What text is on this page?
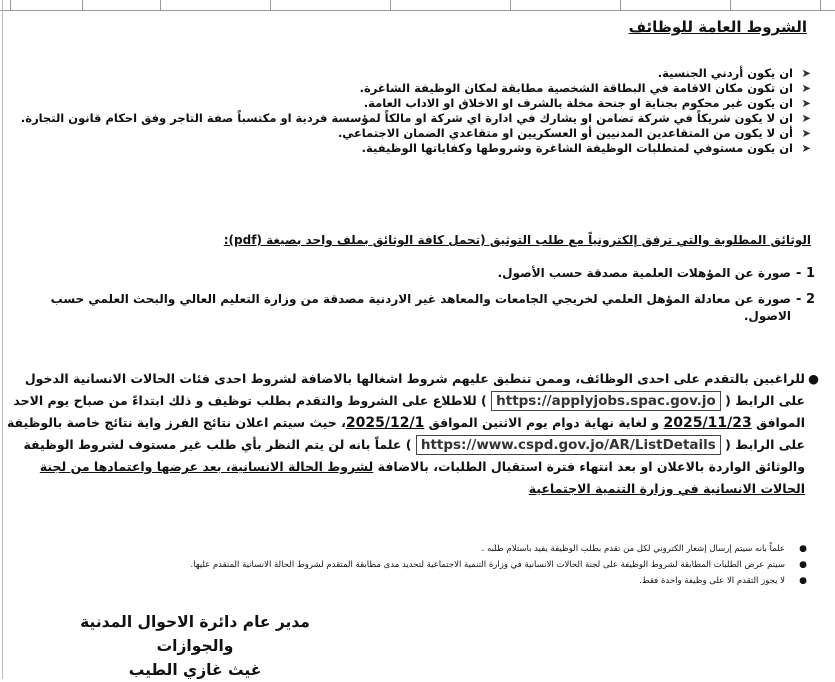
الشروط العامة للوظائف
➤
ان يكون أردني الجنسية.
➤
ان تكون مكان الاقامة في البطاقة الشخصية مطابقة لمكان الوظيفة الشاغرة.
➤
ان يكون غير محكوم بجناية او جنحة مخلة بالشرف او الاخلاق او الاداب العامة.
➤
ان لا يكون شريكاً في شركة تضامن او يشارك في ادارة اي شركة او مالكاً لمؤسسة فردية او مكتسباً صفة التاجر وفق احكام قانون التجارة.
➤
أن لا يكون من المتقاعدين المدنيين أو العسكريين او متقاعدي الضمان الاجتماعي.
➤
ان يكون مستوفي لمتطلبات الوظيفة الشاغرة وشروطها وكفاياتها الوظيفية.
الوثائق المطلوبة والتي ترفق إلكترونياً مع طلب التوثيق (تحمل كافة الوثائق بملف واحد بصيغة (pdf):
1 -
صورة عن المؤهلات العلمية مصدقة حسب الأصول.
2 -
صورة عن معادلة المؤهل العلمي لخريجي الجامعات والمعاهد غير الاردنية مصدقة من وزارة التعليم العالي والبحث العلمي حسب الاصول.

●
للراغبين بالتقدم على احدى الوظائف، وممن تنطبق عليهم شروط اشغالها بالاضافة لشروط احدى فئات الحالات الانسانية الدخول على الرابط ( https://applyjobs.spac.gov.jo ) للاطلاع على الشروط والتقدم بطلب توظيف و ذلك ابتداءً من صباح يوم الاحد الموافق 2025/11/23 و لغاية نهاية دوام يوم الاثنين الموافق 2025/12/1، حيث سيتم اعلان نتائج الفرز واية نتائج خاصة بالوظيفة على الرابط ( https://www.cspd.gov.jo/AR/ListDetails ) علماً بانه لن يتم النظر بأي طلب غير مستوف لشروط الوظيفة والوثائق الواردة بالاعلان او بعد انتهاء فترة استقبال الطلبات، بالاضافة لشروط الحالة الانسانية، بعد عرضها واعتمادها من لجنة الحالات الانسانية في وزارة التنمية الاجتماعية

●
علماً بانه سيتم إرسال إشعار الكتروني لكل من تقدم بطلب الوظيفة يفيد باستلام طلبه .
●
سيتم عرض الطلبات المطابقة لشروط الوظيفة على لجنة الحالات الانسانية في وزارة التنمية الاجتماعية لتحديد مدى مطابقة المتقدم لشروط الحالة الانسانية المتقدم عليها.
●
لا يجوز التقدم الا على وظيفة واحدة فقط.
مدير عام دائرة الاحوال المدنية والجوازات
غيث غازي الطيب
